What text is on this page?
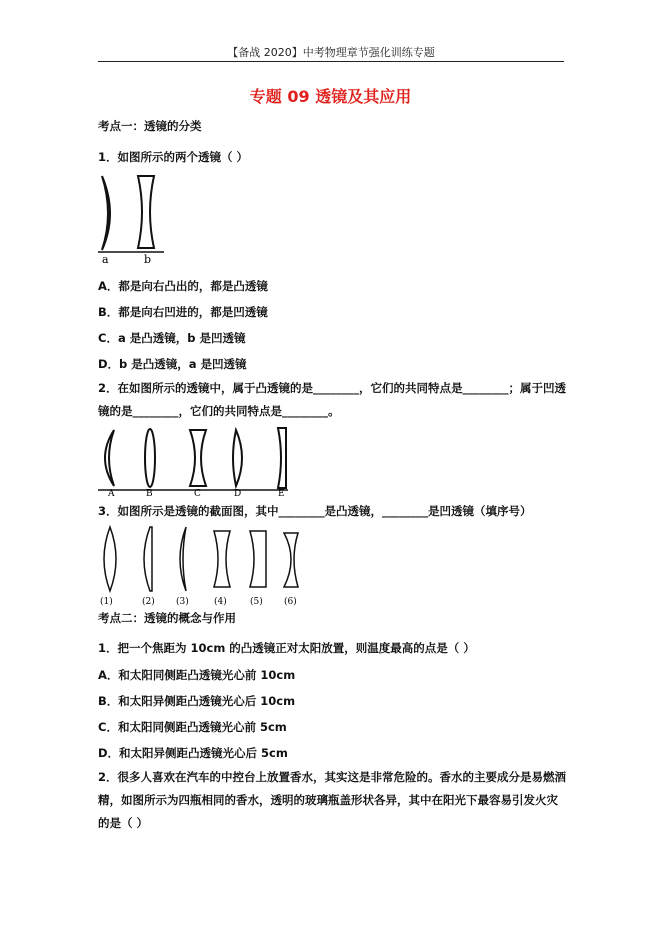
【备战 2020】中考物理章节强化训练专题
专题 09 透镜及其应用
考点一：透镜的分类
1．如图所示的两个透镜（ ）
a	b
A．都是向右凸出的，都是凸透镜
B．都是向右凹进的，都是凹透镜
C．a 是凸透镜，b 是凹透镜
D．b 是凸透镜，a 是凹透镜
2．在如图所示的透镜中，属于凸透镜的是________，它们的共同特点是________；属于凹透镜的是________，它们的共同特点是________。
A	B	C	D	E
3．如图所示是透镜的截面图，其中________是凸透镜，________是凹透镜（填序号）
(1)	(2) (3)	(4)	(5) (6)
考点二：透镜的概念与作用
1．把一个焦距为 10cm 的凸透镜正对太阳放置，则温度最高的点是（ ）
A．和太阳同侧距凸透镜光心前 10cm
B．和太阳异侧距凸透镜光心后 10cm
C．和太阳同侧距凸透镜光心前 5cm
D．和太阳异侧距凸透镜光心后 5cm
2．很多人喜欢在汽车的中控台上放置香水，其实这是非常危险的。香水的主要成分是易燃酒精，如图所示为四瓶相同的香水，透明的玻璃瓶盖形状各异，其中在阳光下最容易引发火灾的是（ ）
